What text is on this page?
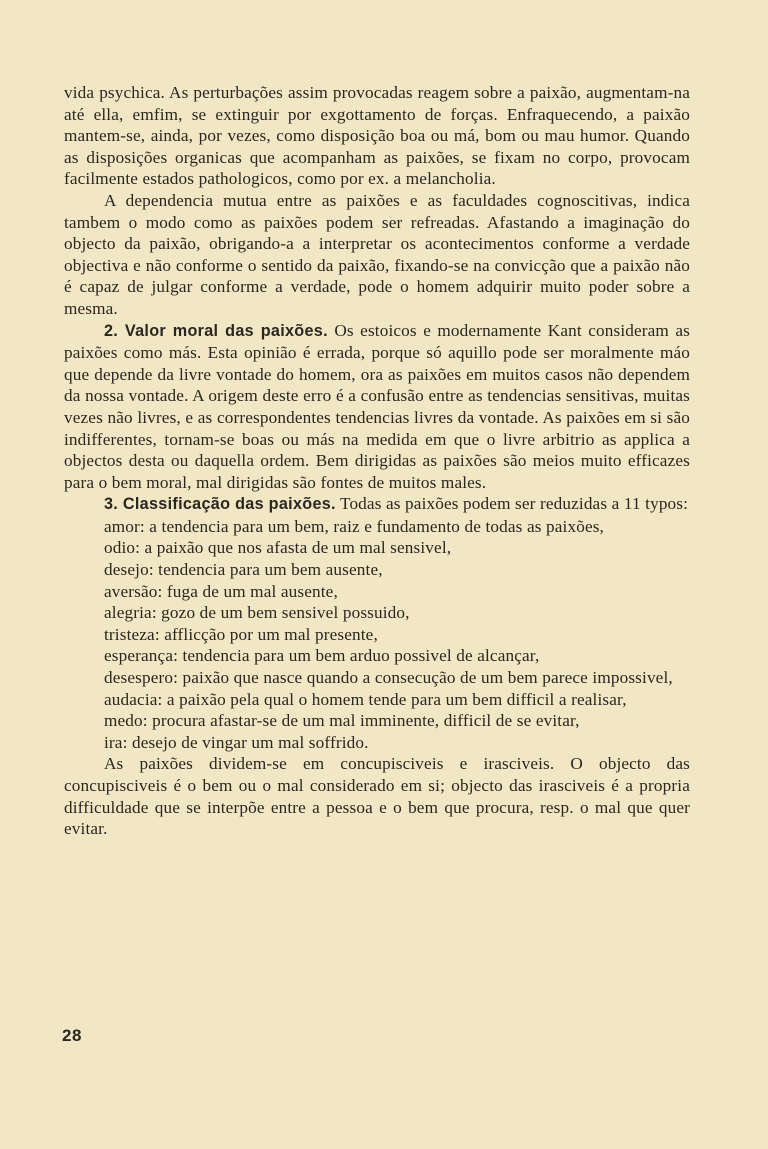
vida psychica. As perturbações assim provocadas reagem sobre a paixão, augmentam-na até ella, emfim, se extinguir por exgottamento de forças. Enfraquecendo, a paixão mantem-se, ainda, por vezes, como disposição boa ou má, bom ou mau humor. Quando as disposições organicas que acompanham as paixões, se fixam no corpo, provocam facilmente estados pathologicos, como por ex. a melancholia.

A dependencia mutua entre as paixões e as faculdades cognoscitivas, indica tambem o modo como as paixões podem ser refreadas. Afastando a imaginação do objecto da paixão, obrigando-a a interpretar os acontecimentos conforme a verdade objectiva e não conforme o sentido da paixão, fixando-se na convicção que a paixão não é capaz de julgar conforme a verdade, pode o homem adquirir muito poder sobre a mesma.

2. Valor moral das paixões. Os estoicos e modernamente Kant consideram as paixões como más. Esta opinião é errada, porque só aquillo pode ser moralmente máo que depende da livre vontade do homem, ora as paixões em muitos casos não dependem da nossa vontade. A origem deste erro é a confusão entre as tendencias sensitivas, muitas vezes não livres, e as correspondentes tendencias livres da vontade. As paixões em si são indifferentes, tornam-se boas ou más na medida em que o livre arbitrio as applica a objectos desta ou daquella ordem. Bem dirigidas as paixões são meios muito efficazes para o bem moral, mal dirigidas são fontes de muitos males.

3. Classificação das paixões. Todas as paixões podem ser reduzidas a 11 typos:

amor: a tendencia para um bem, raiz e fundamento de todas as paixões,
odio: a paixão que nos afasta de um mal sensivel,
desejo: tendencia para um bem ausente,
aversão: fuga de um mal ausente,
alegria: gozo de um bem sensivel possuido,
tristeza: afflicção por um mal presente,
esperança: tendencia para um bem arduo possivel de alcançar,
desespero: paixão que nasce quando a consecução de um bem parece impossivel,
audacia: a paixão pela qual o homem tende para um bem difficil a realisar,
medo: procura afastar-se de um mal imminente, difficil de se evitar,
ira: desejo de vingar um mal soffrido.

As paixões dividem-se em concupisciveis e irasciveis. O objecto das concupisciveis é o bem ou o mal considerado em si; objecto das irasciveis é a propria difficuldade que se interpõe entre a pessoa e o bem que procura, resp. o mal que quer evitar.

28
